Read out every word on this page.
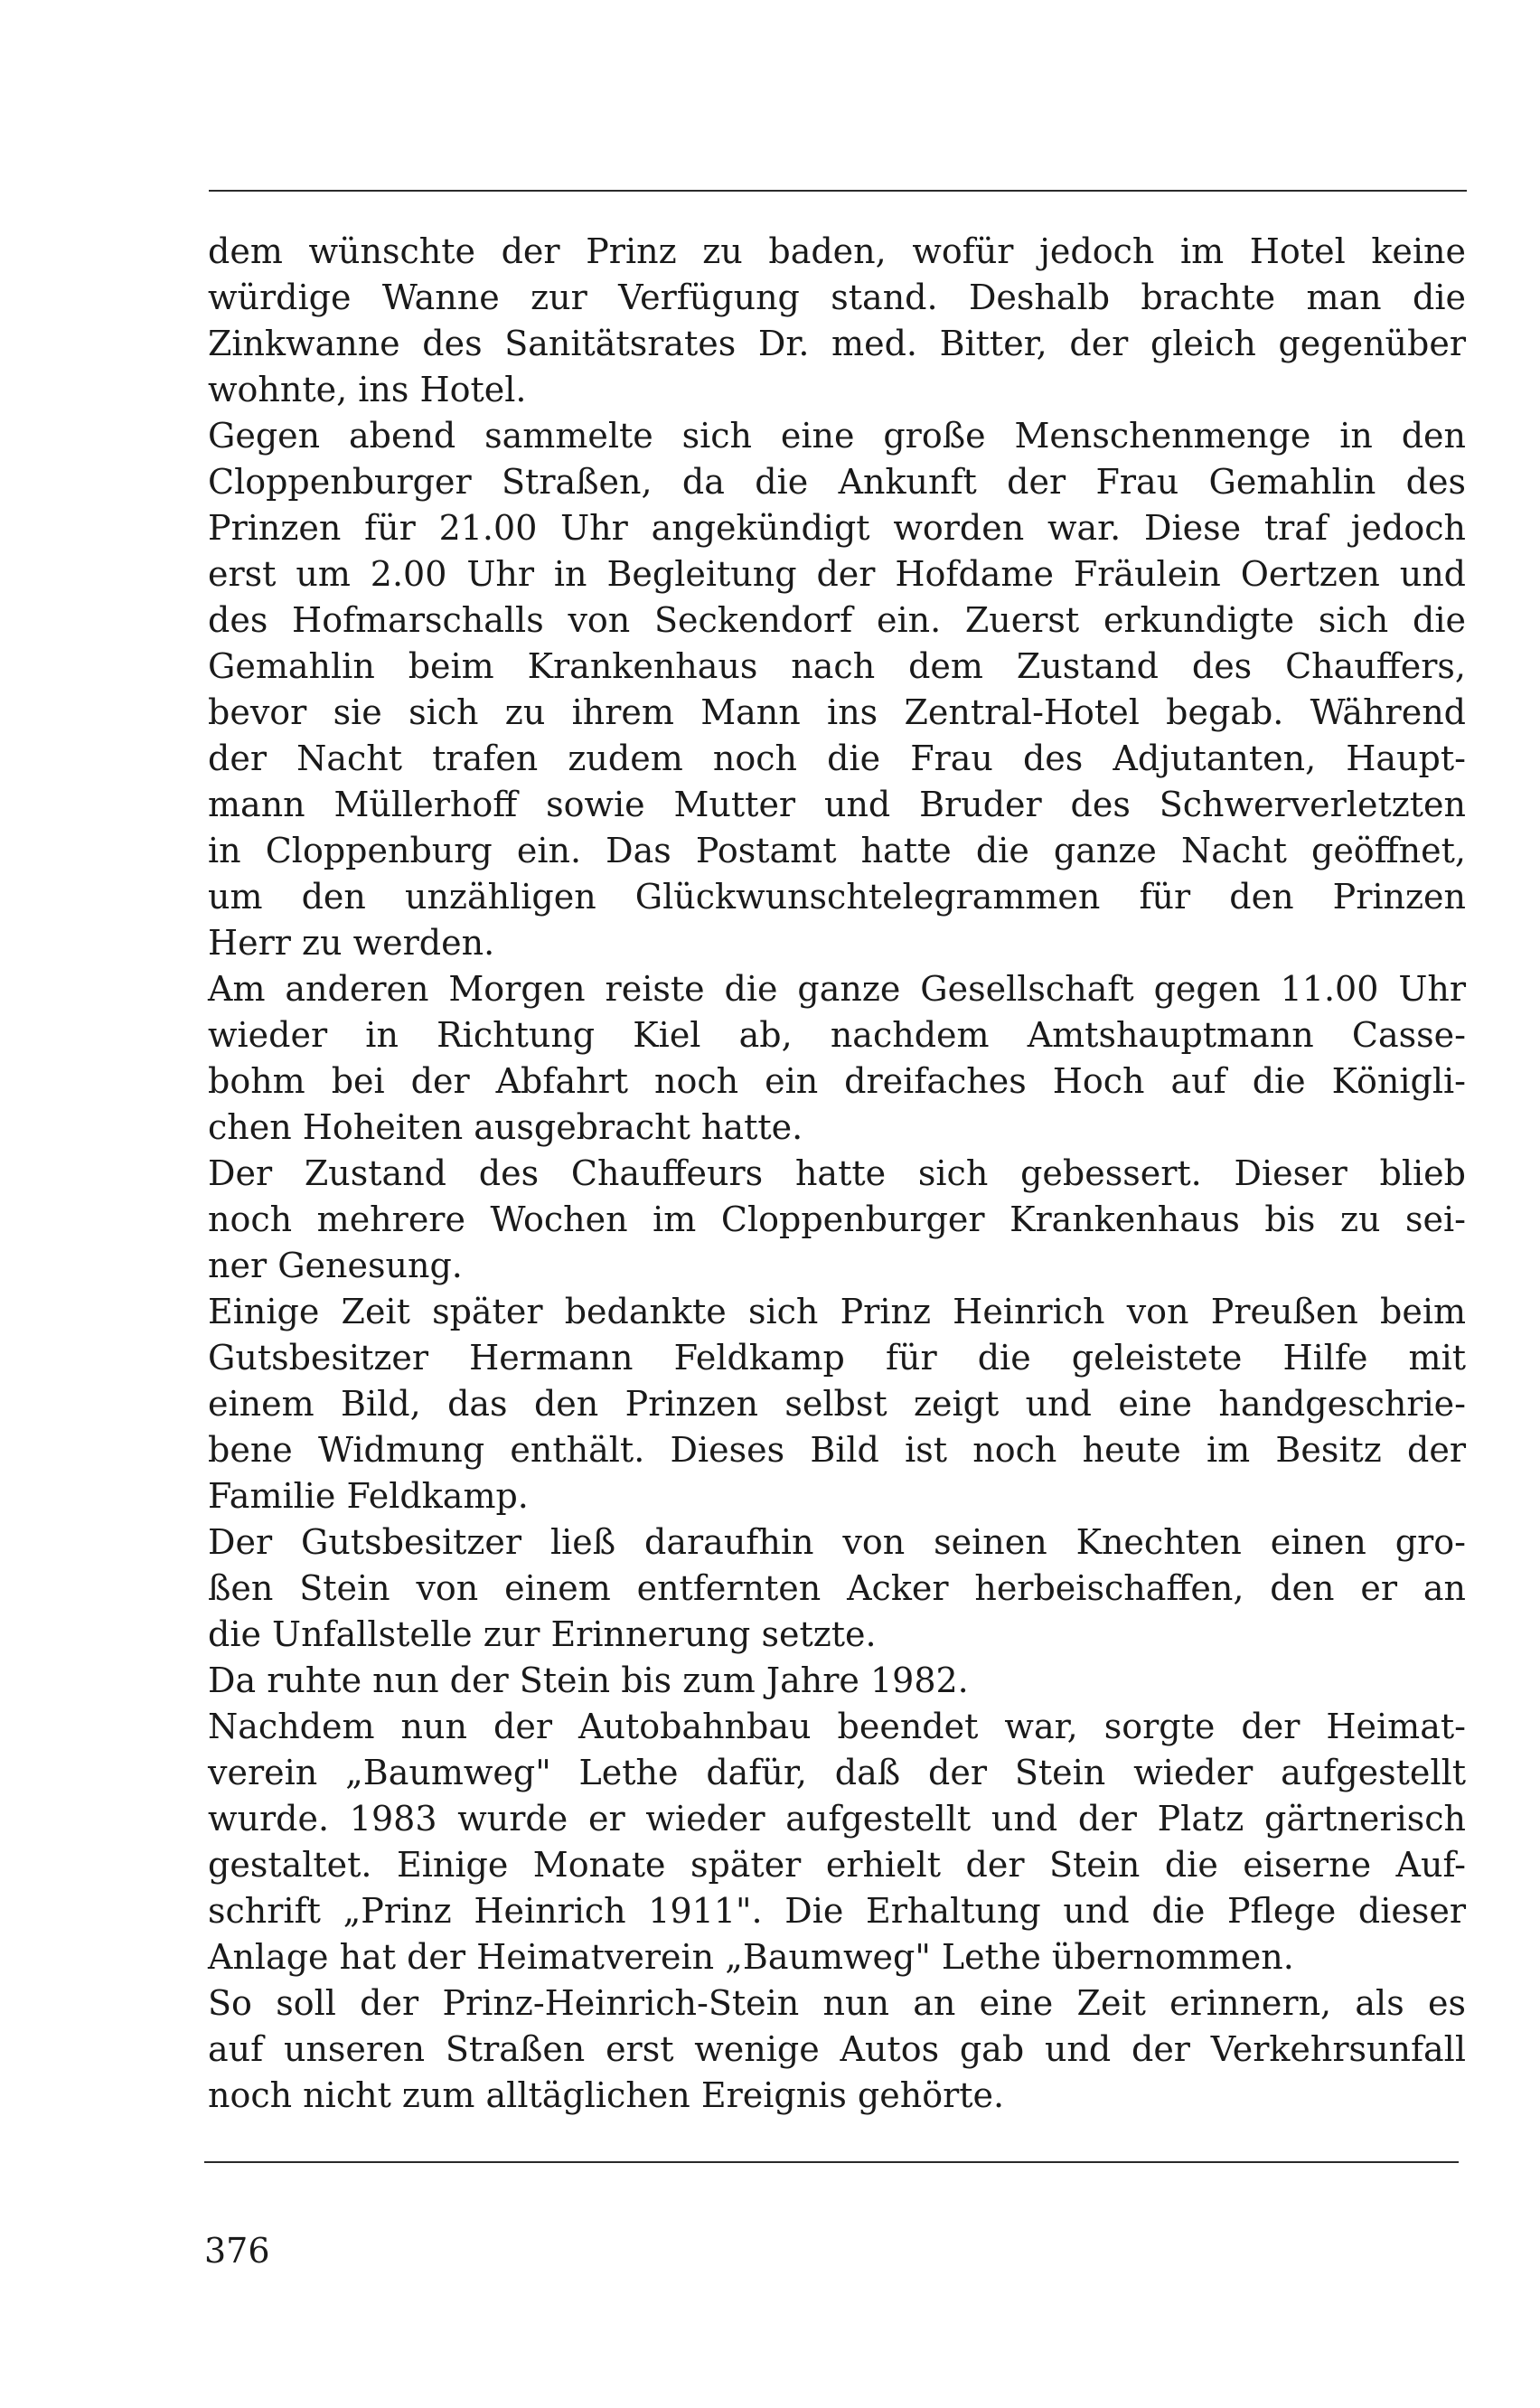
dem wünschte der Prinz zu baden, wofür jedoch im Hotel keine
würdige Wanne zur Verfügung stand. Deshalb brachte man die
Zinkwanne des Sanitätsrates Dr. med. Bitter, der gleich gegenüber
wohnte, ins Hotel.
Gegen abend sammelte sich eine große Menschenmenge in den
Cloppenburger Straßen, da die Ankunft der Frau Gemahlin des
Prinzen für 21.00 Uhr angekündigt worden war. Diese traf jedoch
erst um 2.00 Uhr in Begleitung der Hofdame Fräulein Oertzen und
des Hofmarschalls von Seckendorf ein. Zuerst erkundigte sich die
Gemahlin beim Krankenhaus nach dem Zustand des Chauffers,
bevor sie sich zu ihrem Mann ins Zentral-Hotel begab. Während
der Nacht trafen zudem noch die Frau des Adjutanten, Haupt-
mann Müllerhoff sowie Mutter und Bruder des Schwerverletzten
in Cloppenburg ein. Das Postamt hatte die ganze Nacht geöffnet,
um den unzähligen Glückwunschtelegrammen für den Prinzen
Herr zu werden.
Am anderen Morgen reiste die ganze Gesellschaft gegen 11.00 Uhr
wieder in Richtung Kiel ab, nachdem Amtshauptmann Casse-
bohm bei der Abfahrt noch ein dreifaches Hoch auf die Königli-
chen Hoheiten ausgebracht hatte.
Der Zustand des Chauffeurs hatte sich gebessert. Dieser blieb
noch mehrere Wochen im Cloppenburger Krankenhaus bis zu sei-
ner Genesung.
Einige Zeit später bedankte sich Prinz Heinrich von Preußen beim
Gutsbesitzer Hermann Feldkamp für die geleistete Hilfe mit
einem Bild, das den Prinzen selbst zeigt und eine handgeschrie-
bene Widmung enthält. Dieses Bild ist noch heute im Besitz der
Familie Feldkamp.
Der Gutsbesitzer ließ daraufhin von seinen Knechten einen gro-
ßen Stein von einem entfernten Acker herbeischaffen, den er an
die Unfallstelle zur Erinnerung setzte.
Da ruhte nun der Stein bis zum Jahre 1982.
Nachdem nun der Autobahnbau beendet war, sorgte der Heimat-
verein „Baumweg" Lethe dafür, daß der Stein wieder aufgestellt
wurde. 1983 wurde er wieder aufgestellt und der Platz gärtnerisch
gestaltet. Einige Monate später erhielt der Stein die eiserne Auf-
schrift „Prinz Heinrich 1911". Die Erhaltung und die Pflege dieser
Anlage hat der Heimatverein „Baumweg" Lethe übernommen.
So soll der Prinz-Heinrich-Stein nun an eine Zeit erinnern, als es
auf unseren Straßen erst wenige Autos gab und der Verkehrsunfall
noch nicht zum alltäglichen Ereignis gehörte.
376
